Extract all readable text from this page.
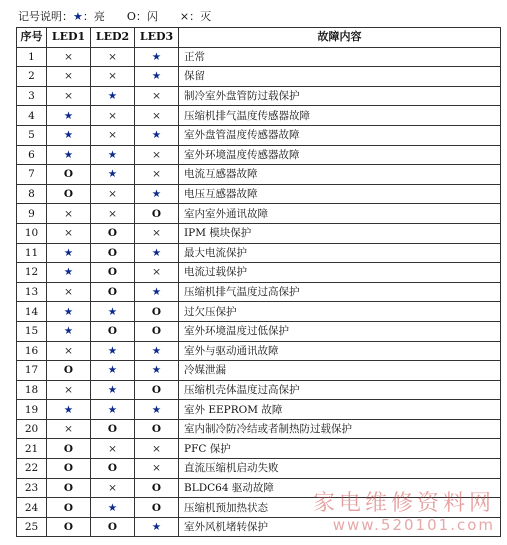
记号说明：★：亮 O：闪 ×：灭
序号	LED1	LED2	LED3	故障内容
1	×	×	★	正常
2	×	×	★	保留
3	×	★	×	制冷室外盘管防过载保护
4	★	×	×	压缩机排气温度传感器故障
5	★	×	★	室外盘管温度传感器故障
6	★	★	×	室外环境温度传感器故障
7	O	★	×	电流互感器故障
8	O	×	★	电压互感器故障
9	×	×	O	室内室外通讯故障
10	×	O	×	IPM 模块保护
11	★	O	★	最大电流保护
12	★	O	×	电流过载保护
13	×	O	★	压缩机排气温度过高保护
14	★	★	O	过欠压保护
15	★	O	O	室外环境温度过低保护
16	×	★	★	室外与驱动通讯故障
17	O	★	★	冷媒泄漏
18	×	★	O	压缩机壳体温度过高保护
19	★	★	★	室外 EEPROM 故障
20	×	O	O	室内制冷防冷结或者制热防过载保护
21	O	×	×	PFC 保护
22	O	O	×	直流压缩机启动失败
23	O	×	O	BLDC64 驱动故障
24	O	★	O	压缩机预加热状态
25	O	O	★	室外风机堵转保护
家电维修资料网
www.520101.com
